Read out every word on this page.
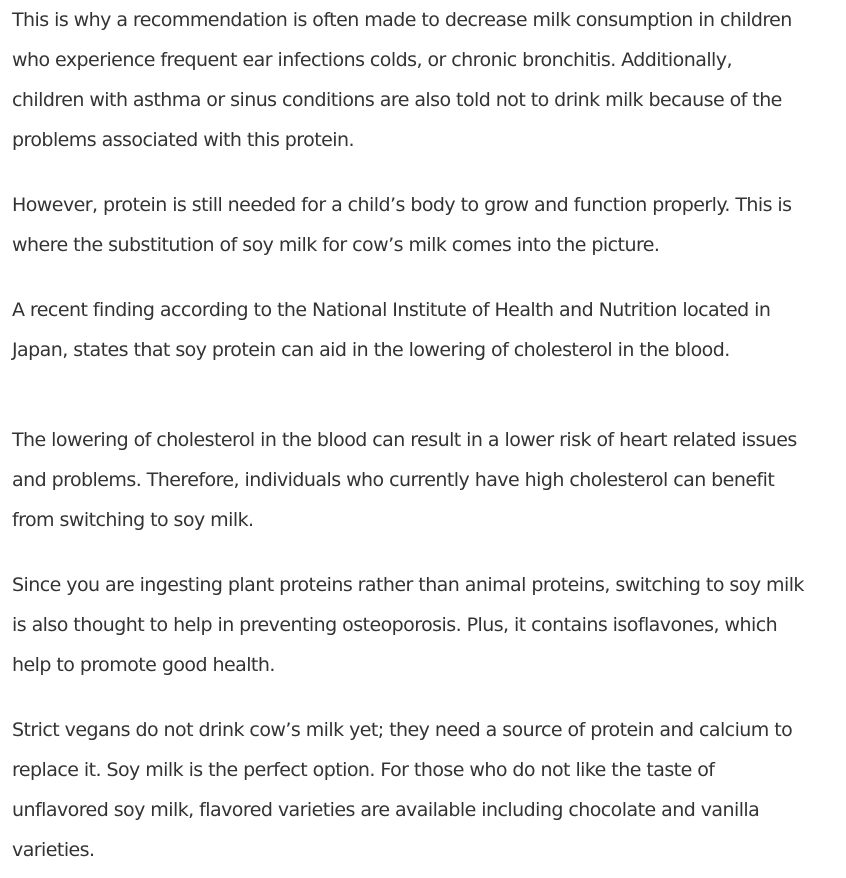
This is why a recommendation is often made to decrease milk consumption in children
who experience frequent ear infections colds, or chronic bronchitis. Additionally,
children with asthma or sinus conditions are also told not to drink milk because of the
problems associated with this protein.

However, protein is still needed for a child’s body to grow and function properly. This is
where the substitution of soy milk for cow’s milk comes into the picture.

A recent finding according to the National Institute of Health and Nutrition located in
Japan, states that soy protein can aid in the lowering of cholesterol in the blood.

The lowering of cholesterol in the blood can result in a lower risk of heart related issues
and problems. Therefore, individuals who currently have high cholesterol can benefit
from switching to soy milk.

Since you are ingesting plant proteins rather than animal proteins, switching to soy milk
is also thought to help in preventing osteoporosis. Plus, it contains isoflavones, which
help to promote good health.

Strict vegans do not drink cow’s milk yet; they need a source of protein and calcium to
replace it. Soy milk is the perfect option. For those who do not like the taste of
unflavored soy milk, flavored varieties are available including chocolate and vanilla
varieties.
